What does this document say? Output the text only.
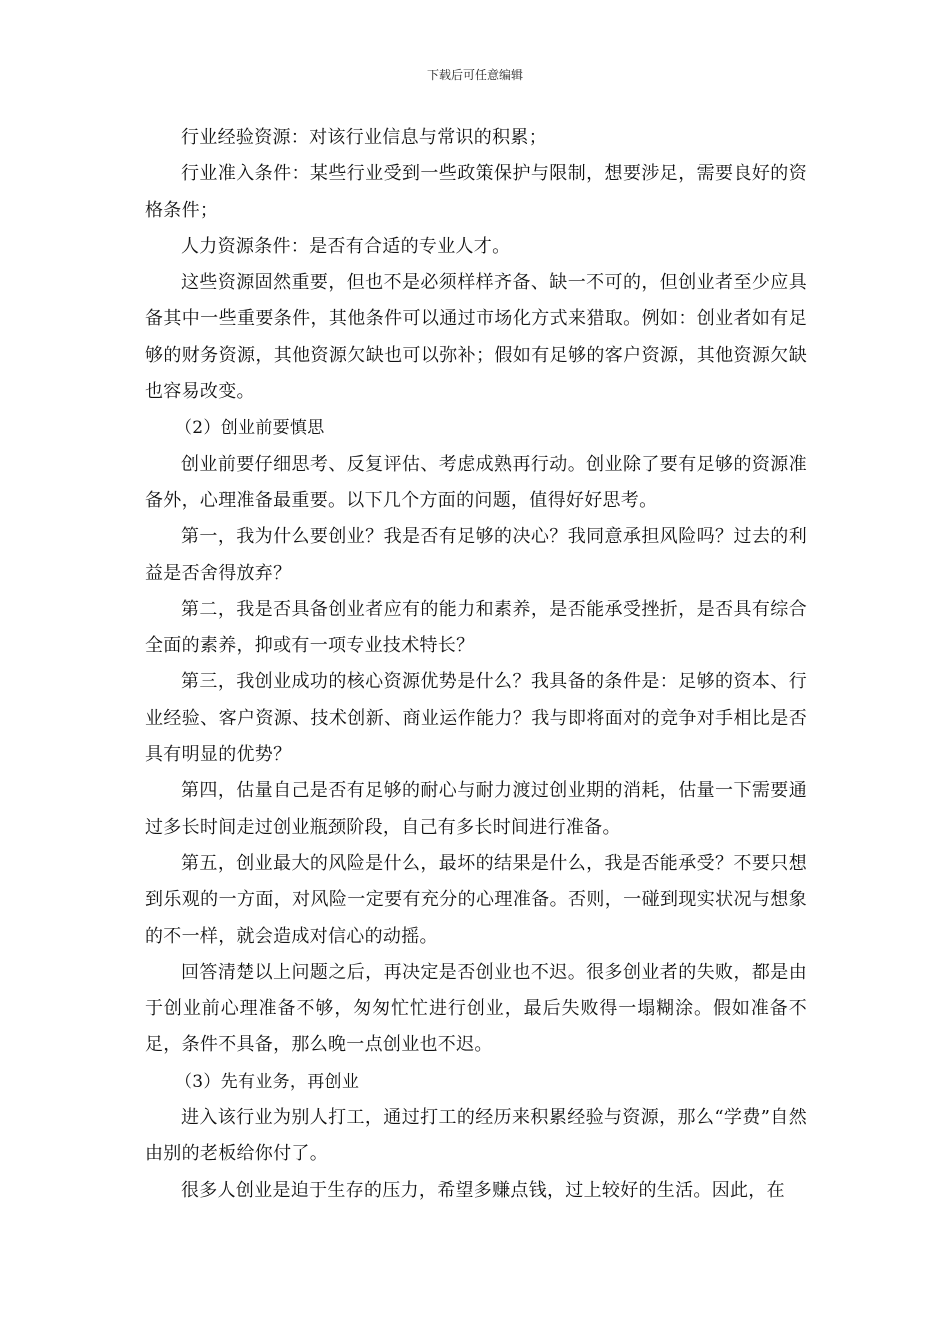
下载后可任意编辑

行业经验资源：对该行业信息与常识的积累；

行业准入条件：某些行业受到一些政策保护与限制，想要涉足，需要良好的资格条件；

人力资源条件：是否有合适的专业人才。

这些资源固然重要，但也不是必须样样齐备、缺一不可的，但创业者至少应具备其中一些重要条件，其他条件可以通过市场化方式来猎取。例如：创业者如有足够的财务资源，其他资源欠缺也可以弥补；假如有足够的客户资源，其他资源欠缺也容易改变。

（2）创业前要慎思

创业前要仔细思考、反复评估、考虑成熟再行动。创业除了要有足够的资源准备外，心理准备最重要。以下几个方面的问题，值得好好思考。

第一，我为什么要创业？我是否有足够的决心？我同意承担风险吗？过去的利益是否舍得放弃？

第二，我是否具备创业者应有的能力和素养，是否能承受挫折，是否具有综合全面的素养，抑或有一项专业技术特长？

第三，我创业成功的核心资源优势是什么？我具备的条件是：足够的资本、行业经验、客户资源、技术创新、商业运作能力？我与即将面对的竞争对手相比是否具有明显的优势？

第四，估量自己是否有足够的耐心与耐力渡过创业期的消耗，估量一下需要通过多长时间走过创业瓶颈阶段，自己有多长时间进行准备。

第五，创业最大的风险是什么，最坏的结果是什么，我是否能承受？不要只想到乐观的一方面，对风险一定要有充分的心理准备。否则，一碰到现实状况与想象的不一样，就会造成对信心的动摇。

回答清楚以上问题之后，再决定是否创业也不迟。很多创业者的失败，都是由于创业前心理准备不够，匆匆忙忙进行创业，最后失败得一塌糊涂。假如准备不足，条件不具备，那么晚一点创业也不迟。

（3）先有业务，再创业

进入该行业为别人打工，通过打工的经历来积累经验与资源，那么“学费”自然由别的老板给你付了。

很多人创业是迫于生存的压力，希望多赚点钱，过上较好的生活。因此，在
